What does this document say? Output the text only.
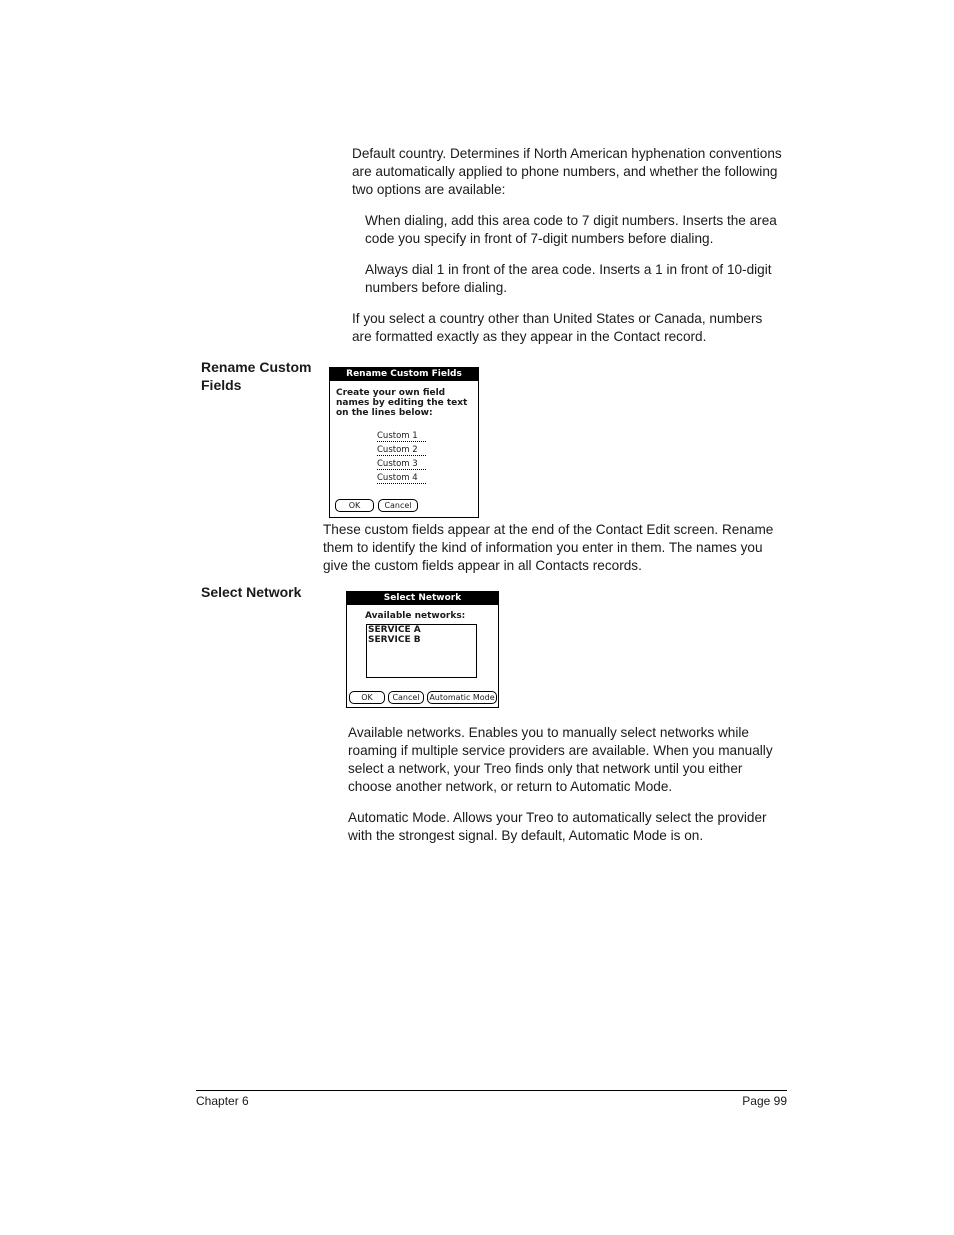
Default country. Determines if North American hyphenation conventions are automatically applied to phone numbers, and whether the following two options are available:

When dialing, add this area code to 7 digit numbers. Inserts the area code you specify in front of 7-digit numbers before dialing.

Always dial 1 in front of the area code. Inserts a 1 in front of 10-digit numbers before dialing.

If you select a country other than United States or Canada, numbers are formatted exactly as they appear in the Contact record.

Rename Custom Fields
Rename Custom Fields

Create your own field names by editing the text on the lines below:

Custom 1
Custom 2
Custom 3
Custom 4
OK	Cancel

These custom fields appear at the end of the Contact Edit screen. Rename them to identify the kind of information you enter in them. The names you give the custom fields appear in all Contacts records.

Select Network	Select Network

Available networks:

SERVICE A
SERVICE B
OK	Cancel	Automatic Mode

Available networks. Enables you to manually select networks while roaming if multiple service providers are available. When you manually select a network, your Treo finds only that network until you either choose another network, or return to Automatic Mode.

Automatic Mode. Allows your Treo to automatically select the provider with the strongest signal. By default, Automatic Mode is on.

Chapter 6	Page 99
